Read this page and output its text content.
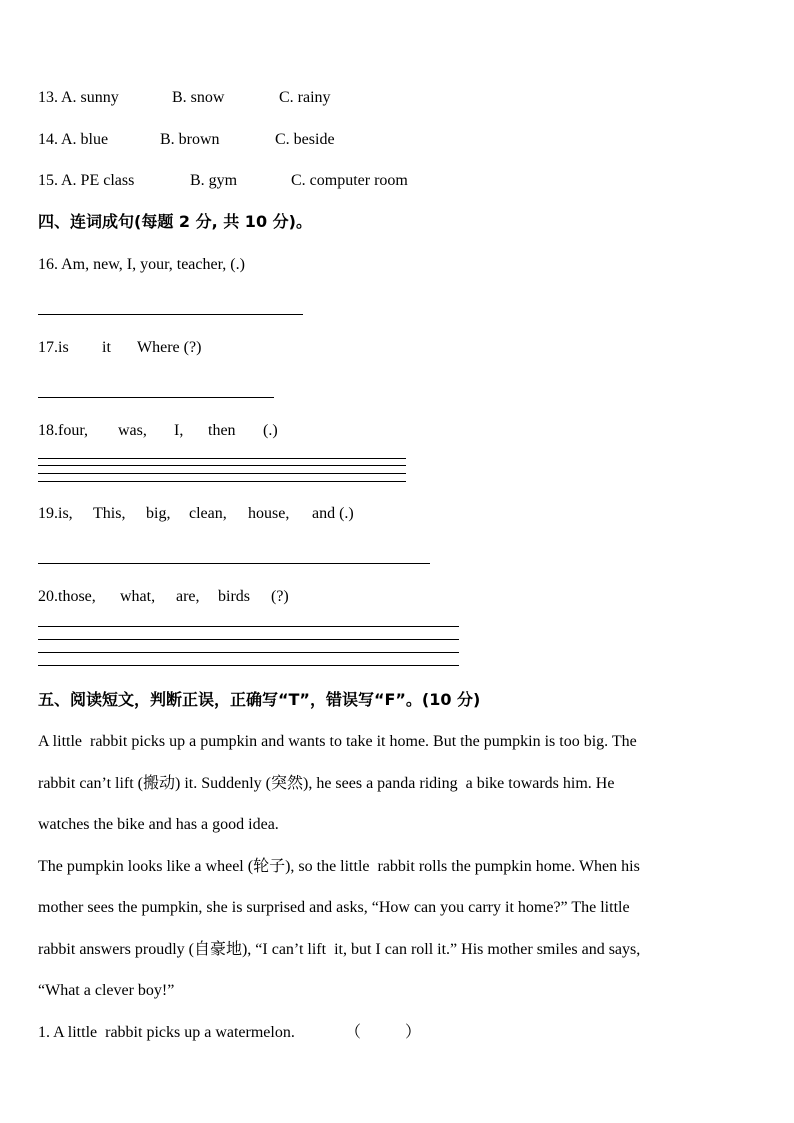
13. A. sunny	B. snow	C. rainy
14. A. blue	B. brown	C. beside
15. A. PE class	B. gym	C. computer room
四、连词成句(每题 2 分, 共 10 分)。
16. Am, new, I, your, teacher, (.)
17.is it Where (?)
18.four, was, I, then (.)
19.is, This, big, clean, house, and (.)
20.those, what, are, birds (?)
五、阅读短文，判断正误，正确写“T”，错误写“F”。(10 分)
A little  rabbit picks up a pumpkin and wants to take it home. But the pumpkin is too big. The
rabbit can’t lift (搬动) it. Suddenly (突然), he sees a panda riding  a bike towards him. He
watches the bike and has a good idea.
The pumpkin looks like a wheel (轮子), so the little  rabbit rolls the pumpkin home. When his
mother sees the pumpkin, she is surprised and asks, “How can you carry it home?” The little
rabbit answers proudly (自豪地), “I can’t lift  it, but I can roll it.” His mother smiles and says,
“What a clever boy!”
1. A little  rabbit picks up a watermelon.	（           ）
